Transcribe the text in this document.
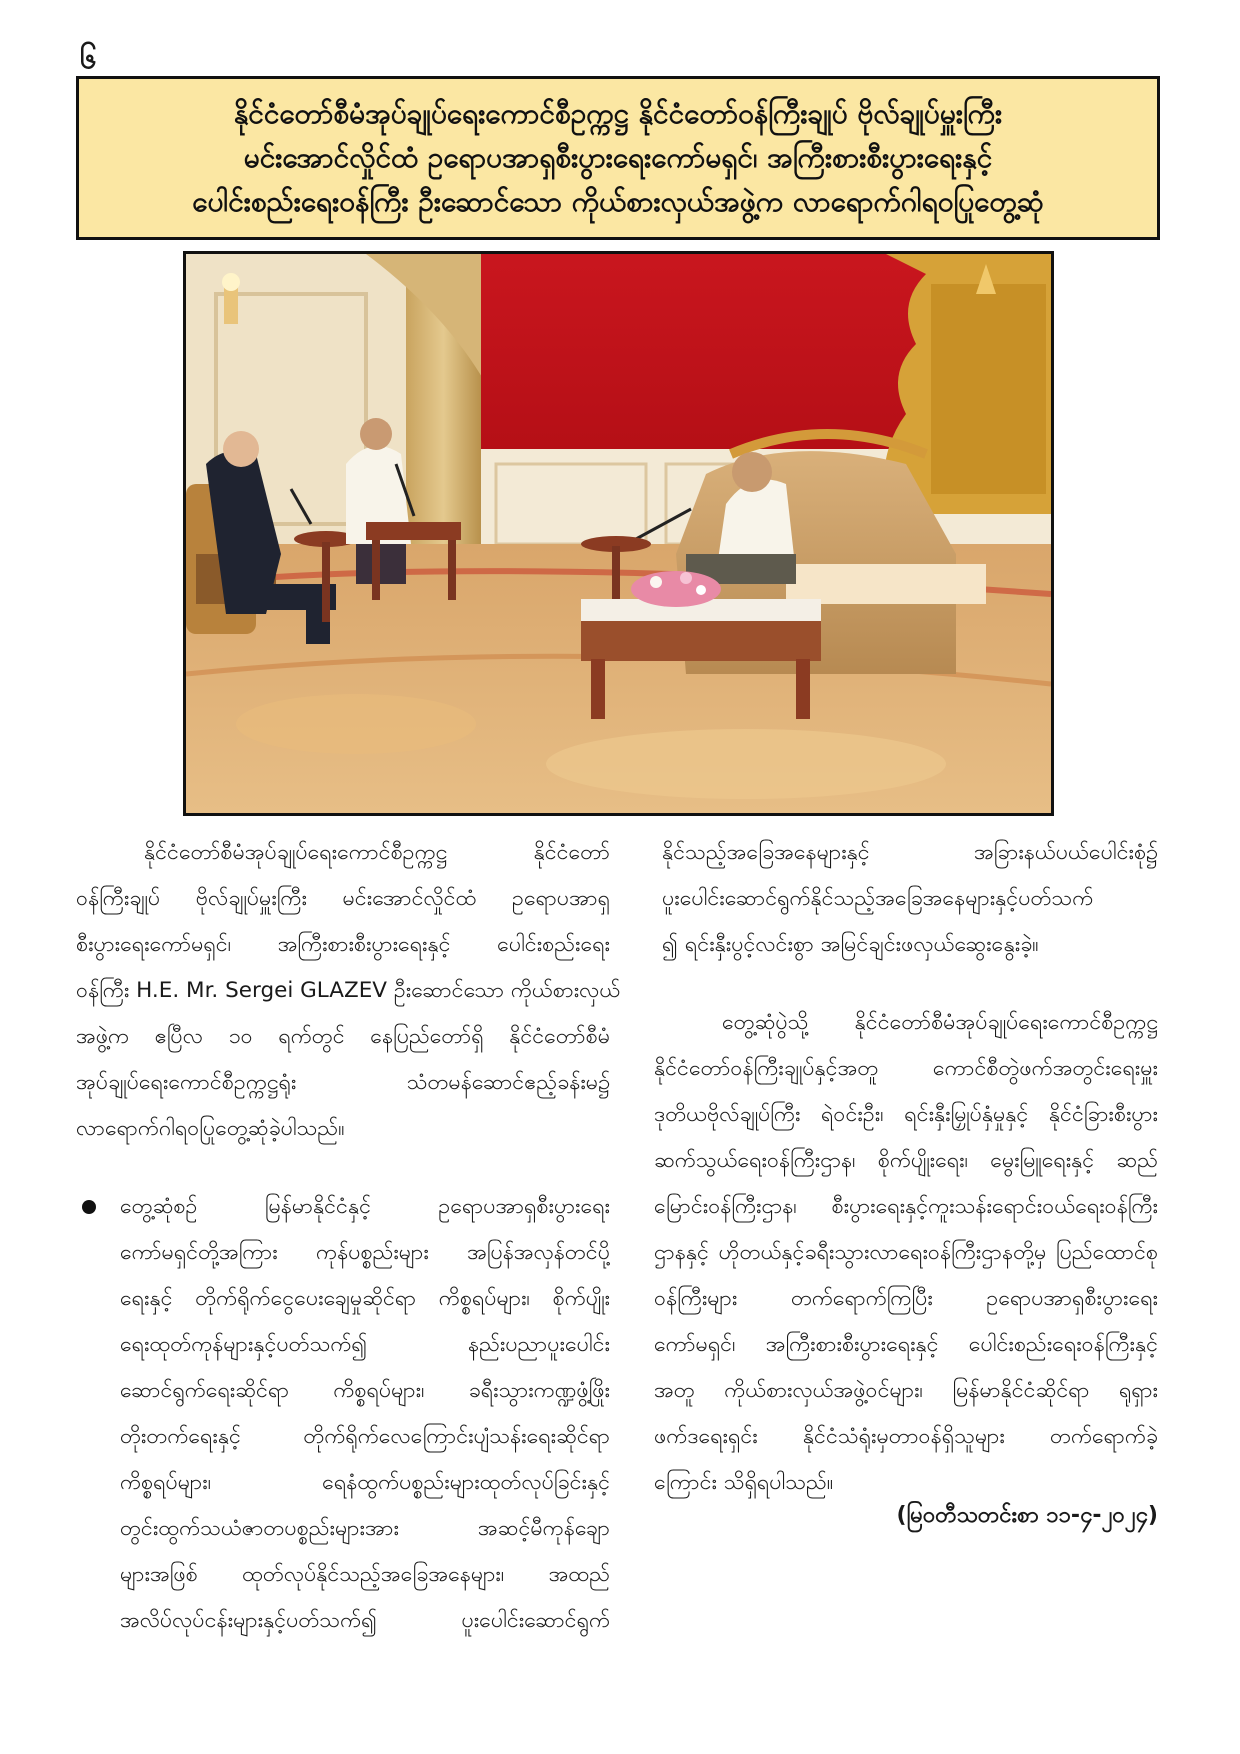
၆
နိုင်ငံတော်စီမံအုပ်ချုပ်ရေးကောင်စီဥက္ကဋ္ဌ နိုင်ငံတော်ဝန်ကြီးချုပ် ဗိုလ်ချုပ်မှူးကြီး
မင်းအောင်လှိုင်ထံ ဥရောပအာရှစီးပွားရေးကော်မရှင်၊ အကြီးစားစီးပွားရေးနှင့်
ပေါင်းစည်းရေးဝန်ကြီး ဦးဆောင်သော ကိုယ်စားလှယ်အဖွဲ့က လာရောက်ဂါရဝပြုတွေ့ဆုံ

နိုင်ငံတော်စီမံအုပ်ချုပ်ရေးကောင်စီဥက္ကဋ္ဌ နိုင်ငံတော်
ဝန်ကြီးချုပ် ဗိုလ်ချုပ်မှူးကြီး မင်းအောင်လှိုင်ထံ ဥရောပအာရှ
စီးပွားရေးကော်မရှင်၊ အကြီးစားစီးပွားရေးနှင့် ပေါင်းစည်းရေး
ဝန်ကြီး H.E. Mr. Sergei GLAZEV ဦးဆောင်သော ကိုယ်စားလှယ်
အဖွဲ့က ဧပြီလ ၁၀ ရက်တွင် နေပြည်တော်ရှိ နိုင်ငံတော်စီမံ
အုပ်ချုပ်ရေးကောင်စီဥက္ကဋ္ဌရုံး သံတမန်ဆောင်ဧည့်ခန်းမ၌
လာရောက်ဂါရဝပြုတွေ့ဆုံခဲ့ပါသည်။

တွေ့ဆုံစဉ် မြန်မာနိုင်ငံနှင့် ဥရောပအာရှစီးပွားရေး
ကော်မရှင်တို့အကြား ကုန်ပစ္စည်းများ အပြန်အလှန်တင်ပို့
ရေးနှင့် တိုက်ရိုက်ငွေပေးချေမှုဆိုင်ရာ ကိစ္စရပ်များ၊ စိုက်ပျိုး
ရေးထုတ်ကုန်များနှင့်ပတ်သက်၍ နည်းပညာပူးပေါင်း
ဆောင်ရွက်ရေးဆိုင်ရာ ကိစ္စရပ်များ၊ ခရီးသွားကဏ္ဍဖွံ့ဖြိုး
တိုးတက်ရေးနှင့် တိုက်ရိုက်လေကြောင်းပျံသန်းရေးဆိုင်ရာ
ကိစ္စရပ်များ၊ ရေနံထွက်ပစ္စည်းများထုတ်လုပ်ခြင်းနှင့်
တွင်းထွက်သယံဇာတပစ္စည်းများအား အဆင့်မီကုန်ချော
များအဖြစ် ထုတ်လုပ်နိုင်သည့်အခြေအနေများ၊ အထည်
အလိပ်လုပ်ငန်းများနှင့်ပတ်သက်၍ ပူးပေါင်းဆောင်ရွက်

နိုင်သည့်အခြေအနေများနှင့် အခြားနယ်ပယ်ပေါင်းစုံ၌
ပူးပေါင်းဆောင်ရွက်နိုင်သည့်အခြေအနေများနှင့်ပတ်သက်
၍ ရင်းနှီးပွင့်လင်းစွာ အမြင်ချင်းဖလှယ်ဆွေးနွေးခဲ့။

တွေ့ဆုံပွဲသို့ နိုင်ငံတော်စီမံအုပ်ချုပ်ရေးကောင်စီဥက္ကဋ္ဌ
နိုင်ငံတော်ဝန်ကြီးချုပ်နှင့်အတူ ကောင်စီတွဲဖက်အတွင်းရေးမှူး
ဒုတိယဗိုလ်ချုပ်ကြီး ရဲဝင်းဦး၊ ရင်းနှီးမြှုပ်နှံမှုနှင့် နိုင်ငံခြားစီးပွား
ဆက်သွယ်ရေးဝန်ကြီးဌာန၊ စိုက်ပျိုးရေး၊ မွေးမြူရေးနှင့် ဆည်
မြောင်းဝန်ကြီးဌာန၊ စီးပွားရေးနှင့်ကူးသန်းရောင်းဝယ်ရေးဝန်ကြီး
ဌာနနှင့် ဟိုတယ်နှင့်ခရီးသွားလာရေးဝန်ကြီးဌာနတို့မှ ပြည်ထောင်စု
ဝန်ကြီးများ တက်ရောက်ကြပြီး ဥရောပအာရှစီးပွားရေး
ကော်မရှင်၊ အကြီးစားစီးပွားရေးနှင့် ပေါင်းစည်းရေးဝန်ကြီးနှင့်
အတူ ကိုယ်စားလှယ်အဖွဲ့ဝင်များ၊ မြန်မာနိုင်ငံဆိုင်ရာ ရုရှား
ဖက်ဒရေးရှင်း နိုင်ငံသံရုံးမှတာဝန်ရှိသူများ တက်ရောက်ခဲ့
ကြောင်း သိရှိရပါသည်။

(မြဝတီသတင်းစာ ၁၁-၄-၂၀၂၄)
